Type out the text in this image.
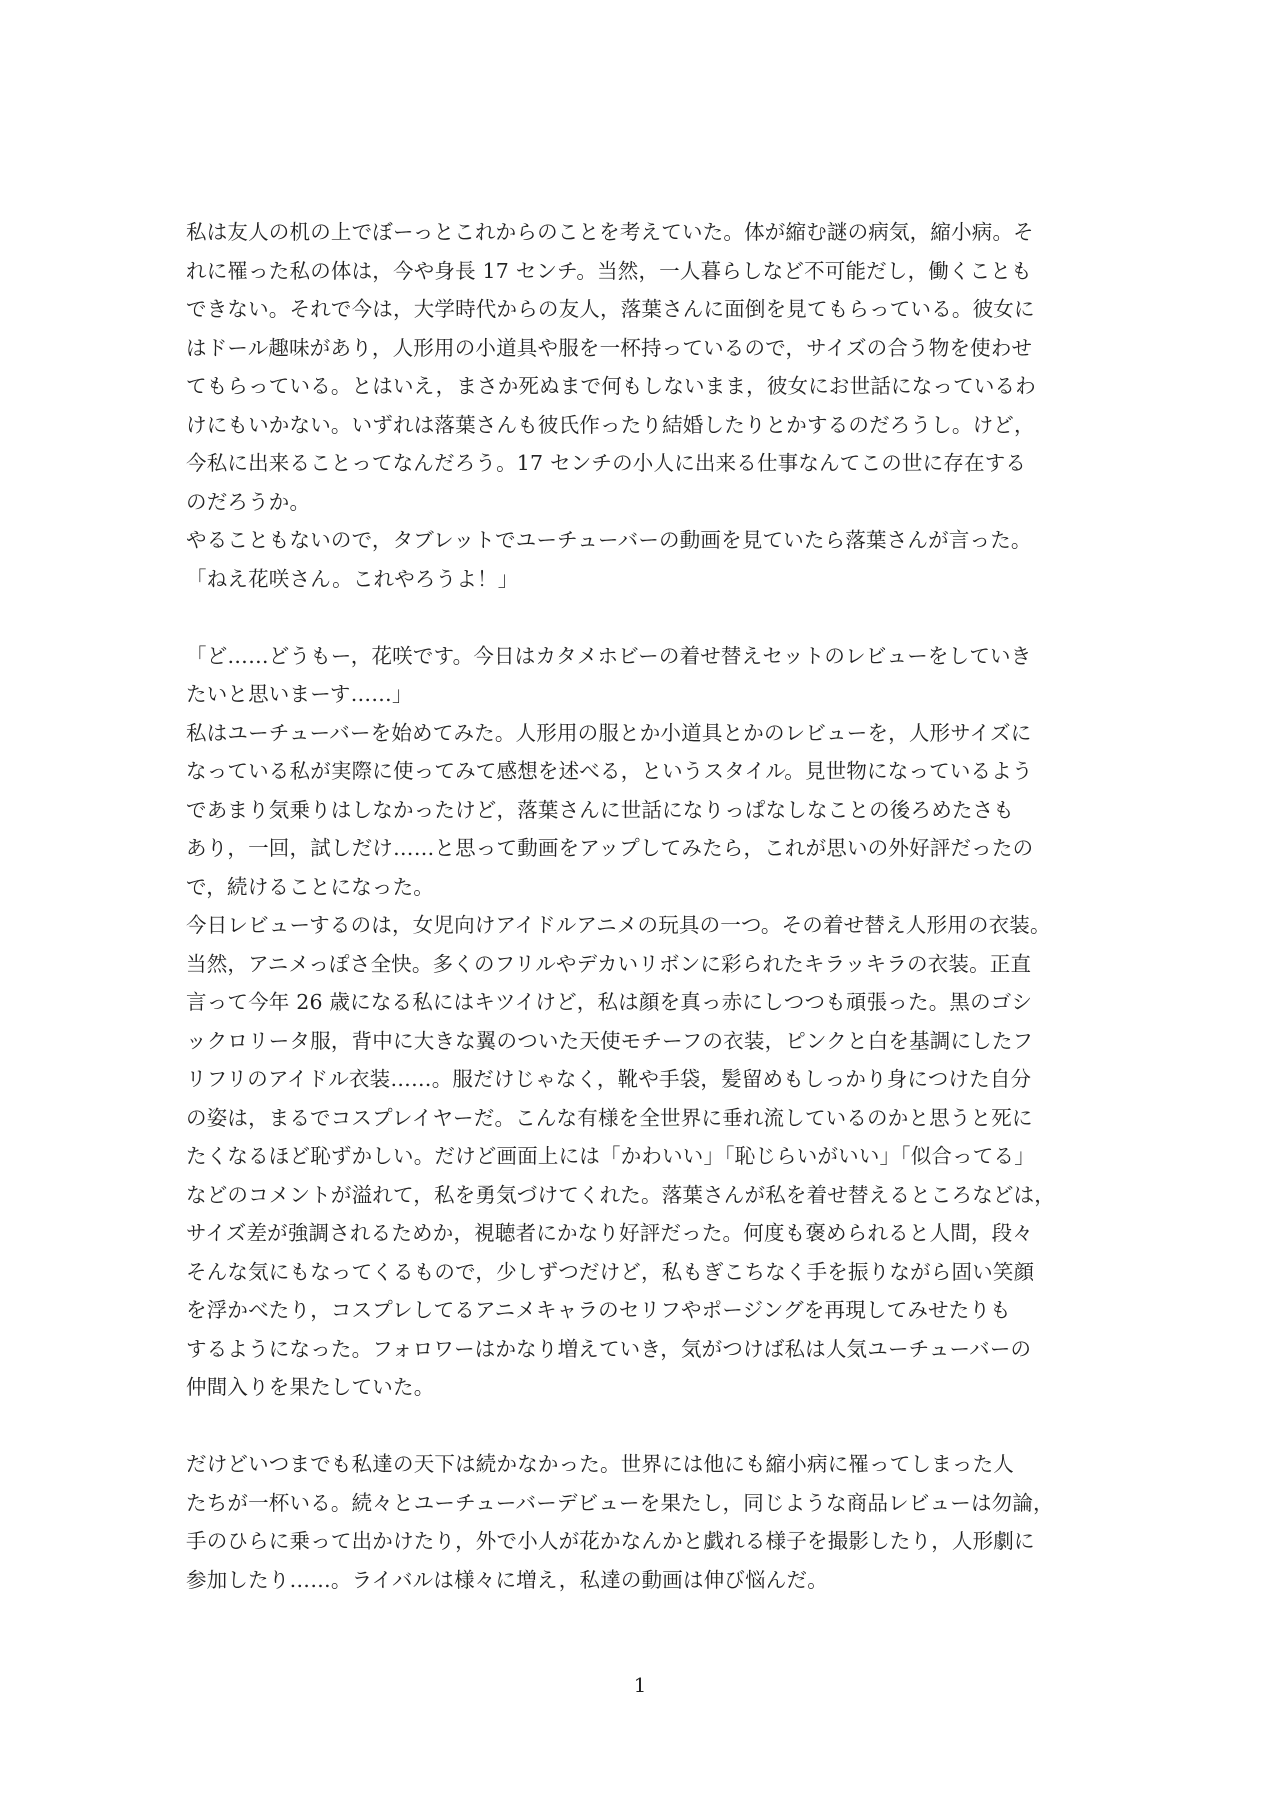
私は友人の机の上でぼーっとこれからのことを考えていた。体が縮む謎の病気，縮小病。そ
れに罹った私の体は，今や身長 17 センチ。当然，一人暮らしなど不可能だし，働くことも
できない。それで今は，大学時代からの友人，落葉さんに面倒を見てもらっている。彼女に
はドール趣味があり，人形用の小道具や服を一杯持っているので，サイズの合う物を使わせ
てもらっている。とはいえ，まさか死ぬまで何もしないまま，彼女にお世話になっているわ
けにもいかない。いずれは落葉さんも彼氏作ったり結婚したりとかするのだろうし。けど，
今私に出来ることってなんだろう。17 センチの小人に出来る仕事なんてこの世に存在する
のだろうか。
やることもないので，タブレットでユーチューバーの動画を見ていたら落葉さんが言った。
「ねえ花咲さん。これやろうよ！」
「ど……どうもー，花咲です。今日はカタメホビーの着せ替えセットのレビューをしていき
たいと思いまーす……」
私はユーチューバーを始めてみた。人形用の服とか小道具とかのレビューを，人形サイズに
なっている私が実際に使ってみて感想を述べる，というスタイル。見世物になっているよう
であまり気乗りはしなかったけど，落葉さんに世話になりっぱなしなことの後ろめたさも
あり，一回，試しだけ……と思って動画をアップしてみたら，これが思いの外好評だったの
で，続けることになった。
今日レビューするのは，女児向けアイドルアニメの玩具の一つ。その着せ替え人形用の衣装。
当然，アニメっぽさ全快。多くのフリルやデカいリボンに彩られたキラッキラの衣装。正直
言って今年 26 歳になる私にはキツイけど，私は顔を真っ赤にしつつも頑張った。黒のゴシ
ックロリータ服，背中に大きな翼のついた天使モチーフの衣装，ピンクと白を基調にしたフ
リフリのアイドル衣装……。服だけじゃなく，靴や手袋，髪留めもしっかり身につけた自分
の姿は，まるでコスプレイヤーだ。こんな有様を全世界に垂れ流しているのかと思うと死に
たくなるほど恥ずかしい。だけど画面上には「かわいい」「恥じらいがいい」「似合ってる」
などのコメントが溢れて，私を勇気づけてくれた。落葉さんが私を着せ替えるところなどは，
サイズ差が強調されるためか，視聴者にかなり好評だった。何度も褒められると人間，段々
そんな気にもなってくるもので，少しずつだけど，私もぎこちなく手を振りながら固い笑顔
を浮かべたり，コスプレしてるアニメキャラのセリフやポージングを再現してみせたりも
するようになった。フォロワーはかなり増えていき，気がつけば私は人気ユーチューバーの
仲間入りを果たしていた。
だけどいつまでも私達の天下は続かなかった。世界には他にも縮小病に罹ってしまった人
たちが一杯いる。続々とユーチューバーデビューを果たし，同じような商品レビューは勿論，
手のひらに乗って出かけたり，外で小人が花かなんかと戯れる様子を撮影したり，人形劇に
参加したり……。ライバルは様々に増え，私達の動画は伸び悩んだ。
1
